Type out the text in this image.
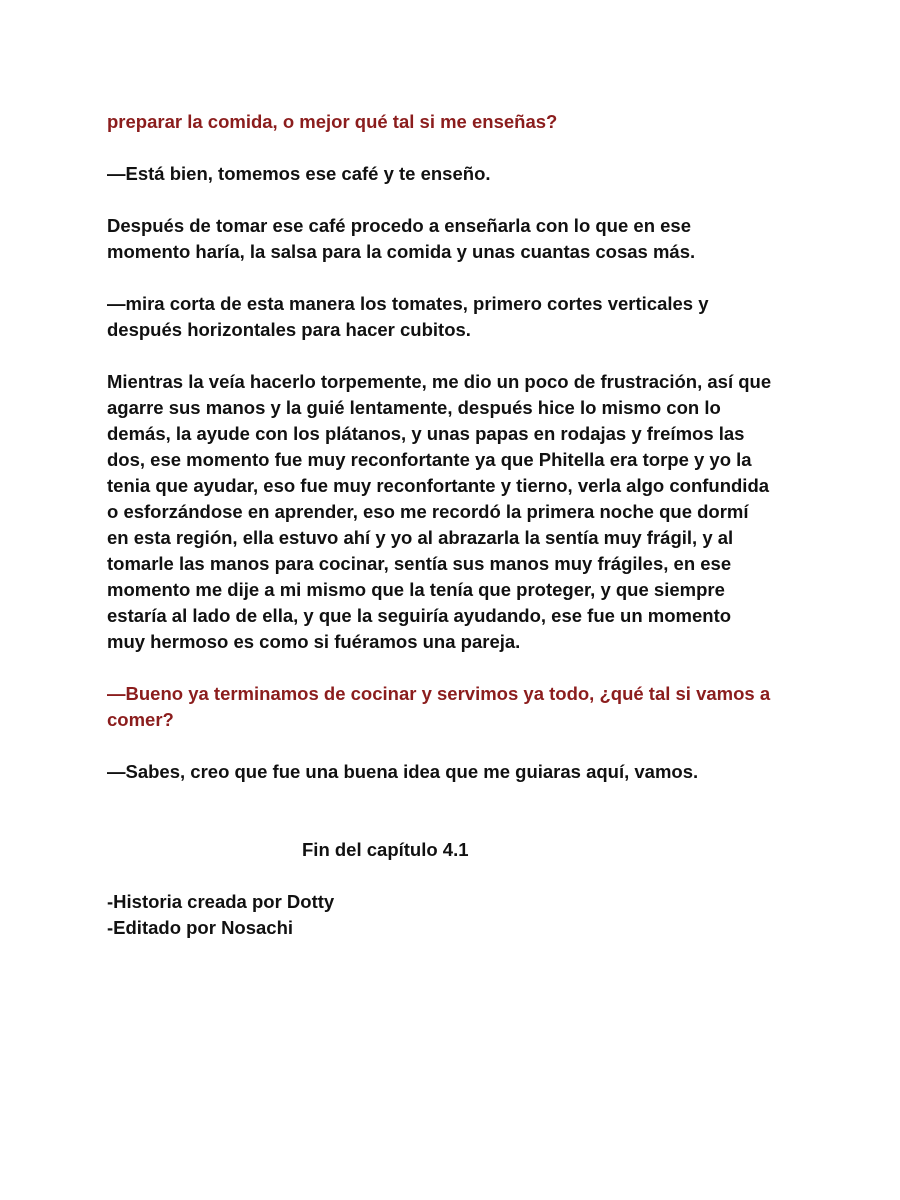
preparar la comida, o mejor qué tal si me enseñas?

—Está bien, tomemos ese café y te enseño.

Después de tomar ese café procedo a enseñarla con lo que en ese
momento haría, la salsa para la comida y unas cuantas cosas más.

—mira corta de esta manera los tomates, primero cortes verticales y
después horizontales para hacer cubitos.

Mientras la veía hacerlo torpemente, me dio un poco de frustración, así que
agarre sus manos y la guié lentamente, después hice lo mismo con lo
demás, la ayude con los plátanos, y unas papas en rodajas y freímos las
dos, ese momento fue muy reconfortante ya que Phitella era torpe y yo la
tenia que ayudar, eso fue muy reconfortante y tierno, verla algo confundida
o esforzándose en aprender, eso me recordó la primera noche que dormí
en esta región, ella estuvo ahí y yo al abrazarla la sentía muy frágil, y al
tomarle las manos para cocinar, sentía sus manos muy frágiles, en ese
momento me dije a mi mismo que la tenía que proteger, y que siempre
estaría al lado de ella, y que la seguiría ayudando, ese fue un momento
muy hermoso es como si fuéramos una pareja.

—Bueno ya terminamos de cocinar y servimos ya todo, ¿qué tal si vamos a
comer?

—Sabes, creo que fue una buena idea que me guiaras aquí, vamos.

Fin del capítulo 4.1

-Historia creada por Dotty

-Editado por Nosachi
